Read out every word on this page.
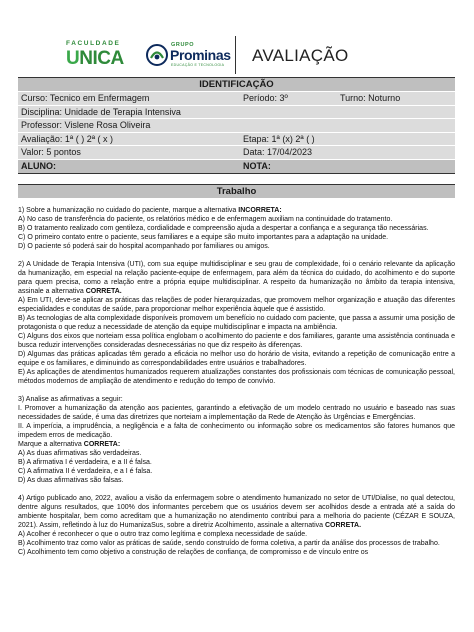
FACULDADE
UNICA
GRUPO
Prominas
EDUCAÇÃO E TECNOLOGIA AVALIAÇÃO
IDENTIFICAÇÃO		
Curso: Tecnico em Enfermagem	Período: 3º	Turno: Noturno
Disciplina: Unidade de Terapia Intensiva		
Professor: Vislene Rosa Oliveira		
Avaliação: 1ª ( ) 2ª ( x )	Etapa: 1ª (x) 2ª ( )	
Valor: 5 pontos	Data: 17/04/2023	
ALUNO:	NOTA:	
Trabalho

1) Sobre a humanização no cuidado do paciente, marque a alternativa INCORRETA:

A) No caso de transferência do paciente, os relatórios médico e de enfermagem auxiliam na continuidade do tratamento.

B) O tratamento realizado com gentileza, cordialidade e compreensão ajuda a despertar a confiança e a segurança tão necessárias.

C) O primeiro contato entre o paciente, seus familiares e a equipe são muito importantes para a adaptação na unidade.

D) O paciente só poderá sair do hospital acompanhado por familiares ou amigos.

2) A Unidade de Terapia Intensiva (UTI), com sua equipe multidisciplinar e seu grau de complexidade, foi o cenário relevante da aplicação da humanização, em especial na relação paciente-equipe de enfermagem, para além da técnica do cuidado, do acolhimento e do suporte para quem precisa, como a relação entre a própria equipe multidisciplinar. A respeito da humanização no âmbito da terapia intensiva, assinale a alternativa CORRETA.

A) Em UTI, deve-se aplicar as práticas das relações de poder hierarquizadas, que promovem melhor organização e atuação das diferentes especialidades e condutas de saúde, para proporcionar melhor experiência àquele que é assistido.

B) As tecnologias de alta complexidade disponíveis promovem um benefício no cuidado com paciente, que passa a assumir uma posição de protagonista o que reduz a necessidade de atenção da equipe multidisciplinar e impacta na ambiência.

C) Alguns dos eixos que norteiam essa política englobam o acolhimento do paciente e dos familiares, garante uma assistência continuada e busca reduzir intervenções consideradas desnecessárias no que diz respeito às diferenças.

D) Algumas das práticas aplicadas têm gerado a eficácia no melhor uso do horário de visita, evitando a repetição de comunicação entre a equipe e os familiares, e diminuindo as correspondabilidades entre usuários e trabalhadores.

E) As aplicações de atendimentos humanizados requerem atualizações constantes dos profissionais com técnicas de comunicação pessoal, métodos modernos de ampliação de atendimento e redução do tempo de convívio.

3) Analise as afirmativas a seguir:

I. Promover a humanização da atenção aos pacientes, garantindo a efetivação de um modelo centrado no usuário e baseado nas suas necessidades de saúde, é uma das diretrizes que norteiam a implementação da Rede de Atenção às Urgências e Emergências.

II. A imperícia, a imprudência, a negligência e a falta de conhecimento ou informação sobre os medicamentos são fatores humanos que impedem erros de medicação.

Marque a alternativa CORRETA:

A) As duas afirmativas são verdadeiras.

B) A afirmativa I é verdadeira, e a II é falsa.

C) A afirmativa II é verdadeira, e a I é falsa.

D) As duas afirmativas são falsas.

4) Artigo publicado ano, 2022, avaliou a visão da enfermagem sobre o atendimento humanizado no setor de UTI/Dialise, no qual detectou, dentre alguns resultados, que 100% dos informantes percebem que os usuários devem ser acolhidos desde a entrada até a saída do ambiente hospitalar, bem como acreditam que a humanização no atendimento contribui para a melhoria do paciente (CÉZAR E SOUZA, 2021). Assim, refletindo à luz do HumanizaSus, sobre a diretriz Acolhimento, assinale a alternativa CORRETA.

A) Acolher é reconhecer o que o outro traz como legítima e complexa necessidade de saúde.

B) Acolhimento traz como valor as práticas de saúde, sendo construído de forma coletiva, a partir da análise dos processos de trabalho.

C) Acolhimento tem como objetivo a construção de relações de confiança, de compromisso e de vínculo entre os
